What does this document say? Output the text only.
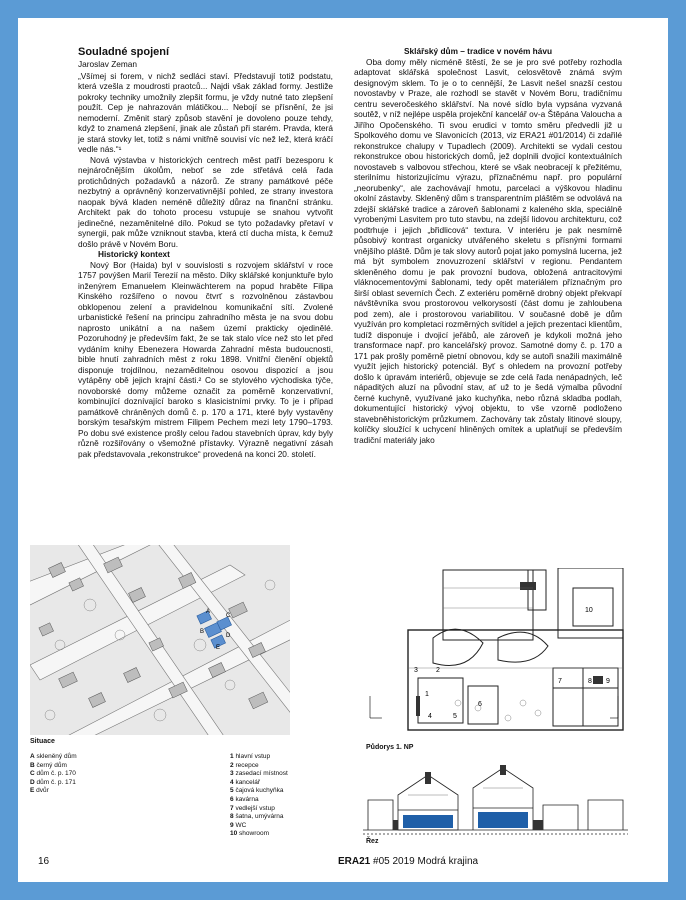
Souladné spojení
Jaroslav Zeman

„Všímej si forem, v nichž sedláci staví. Představují totiž podstatu, která vzešla z moudrosti praotců... Najdi však základ formy. Jestliže pokroky techniky umožnily zlepšit formu, je vždy nutné tato zlepšení použít. Cep je nahrazován mlátičkou... Nebojí se přísnění, že jsi nemoderní. Změnit starý způsob stavění je dovoleno pouze tehdy, když to znamená zlepšení, jinak ale zůstaň při starém. Pravda, která je stará stovky let, totiž s námi vnitřně souvisí víc než lež, která kráčí vedle nás.“¹

Nová výstavba v historických centrech měst patří bezesporu k nejnáročnějším úkolům, neboť se zde střetává celá řada protichůdných požadavků a názorů. Ze strany památkové péče nezbytný a oprávněný konzervativnější pohled, ze strany investora naopak bývá kladen neméně důležitý důraz na finanční stránku. Architekt pak do tohoto procesu vstupuje se snahou vytvořit jedinečné, nezaměnitelné dílo. Pokud se tyto požadavky přetaví v synergii, pak může vzniknout stavba, která ctí ducha místa, k čemuž došlo právě v Novém Boru.

Historický kontext

Nový Bor (Haida) byl v souvislosti s rozvojem sklářství v roce 1757 povýšen Marií Terezií na město. Díky sklářské konjunktuře bylo inženýrem Emanuelem Kleinwächterem na popud hraběte Filipa Kinského rozšířeno o novou čtvrť s rozvolněnou zástavbou obklopenou zelení a pravidelnou komunikační sítí. Zvolené urbanistické řešení na principu zahradního města je na svou dobu naprosto unikátní a na našem území prakticky ojedinělé. Pozoruhodný je především fakt, že se tak stalo více než sto let před vydáním knihy Ebenezera Howarda Zahradní města budoucnosti, bible hnutí zahradních měst z roku 1898. Vnitřní členění objektů disponuje trojdílnou, nezaměditelnou osovou dispozicí a jsou vytápěny obě jejich krajní části.² Co se stylového východiska týče, novoborské domy můžeme označit za poměrně konzervativní, kombinující doznívající baroko s klasicistními prvky. To je i případ památkově chráněných domů č. p. 170 a 171, které byly vystavěny borským tesařským mistrem Filipem Pechem mezi lety 1790–1793. Po dobu své existence prošly celou řadou stavebních úprav, kdy byly různě rozšiřovány o všemožné přístavky. Výrazně negativní zásah pak představovala „rekonstrukce“ provedená na konci 20. století.

Sklářský dům – tradice v novém hávu

Oba domy měly nicméně štěstí, že se je pro své potřeby rozhodla adaptovat sklářská společnost Lasvit, celosvětově známá svým designovým sklem. To je o to cennější, že Lasvit nešel snazší cestou novostavby v Praze, ale rozhodl se stavět v Novém Boru, tradičnímu centru severočeského sklářství. Na nové sídlo byla vypsána vyzvaná soutěž, v níž nejlépe uspěla projekční kancelář ov-a Štěpána Valoucha a Jiřího Opočenského. Ti svou erudici v tomto směru předvedli již u Spolkového domu ve Slavonicích (2013, viz ERA21 #01/2014) či zdařilé rekonstrukce chalupy v Tupadlech (2009). Architekti se vydali cestou rekonstrukce obou historických domů, jež doplnili dvojicí kontextuálních novostaveb s valbovou střechou, které se však neobracejí k přežitému, sterilnímu historizujícímu výrazu, příznačnému např. pro populární „neorubenky“, ale zachovávají hmotu, parcelaci a výškovou hladinu okolní zástavby. Skleněný dům s transparentním pláštěm se odvolává na zdejší sklářské tradice a zároveň šablonami z kaleného skla, speciálně vyrobenými Lasvitem pro tuto stavbu, na zdejší lidovou architekturu, což podtrhuje i jejich „břidlicová“ textura. V interiéru je pak nesmírně působivý kontrast organicky utvářeného skeletu s přísnými formami vnějšího pláště. Dům je tak slovy autorů pojat jako pomyslná lucerna, jež má být symbolem znovuzrození sklářství v regionu. Pendantem skleněného domu je pak provozní budova, obložená antracitovými vláknocementovými šablonami, tedy opět materiálem příznačným pro širší oblast severních Čech. Z exteriéru poměrně drobný objekt překvapí návštěvníka svou prostorovou velkorysostí (část domu je zahloubena pod zem), ale i prostorovou variabilitou. V současné době je dům využíván pro kompletaci rozměrných svítidel a jejich prezentaci klientům, tudíž disponuje i dvojicí jeřábů, ale zároveň je kdykoli možná jeho transformace např. pro kancelářský provoz. Samotné domy č. p. 170 a 171 pak prošly poměrně pietní obnovou, kdy se autoři snažili maximálně využít jejich historický potenciál. Byť s ohledem na provozní potřeby došlo k úpravám interiérů, objevuje se zde celá řada nenápadných, leč nápaditých aluzí na původní stav, ať už to je šedá výmalba původní černé kuchyně, využívané jako kuchyňka, nebo různá skladba podlah, dokumentující historický vývoj objektu, to vše vzorně podloženo stavebněhistorickým průzkumem. Zachovány tak zůstaly litinové sloupy, kolíčky sloužící k uchycení hliněných omítek a uplatňují se především tradiční materiály jako

A
B
C
D
E
Situace
A skleněný dům
B černý dům
C dům č. p. 170
D dům č. p. 171
E dvůr
1 hlavní vstup
2 recepce
3 zasedací místnost
4 kancelář
5 čajová kuchyňka
6 kavárna
7 vedlejší vstup
8 šatna, umývárna
9 WC
10 showroom
10
1
2
3
4	5
6
7	8 9
Půdorys 1. NP
Řez
16	ERA21 #05 2019 Modrá krajina
